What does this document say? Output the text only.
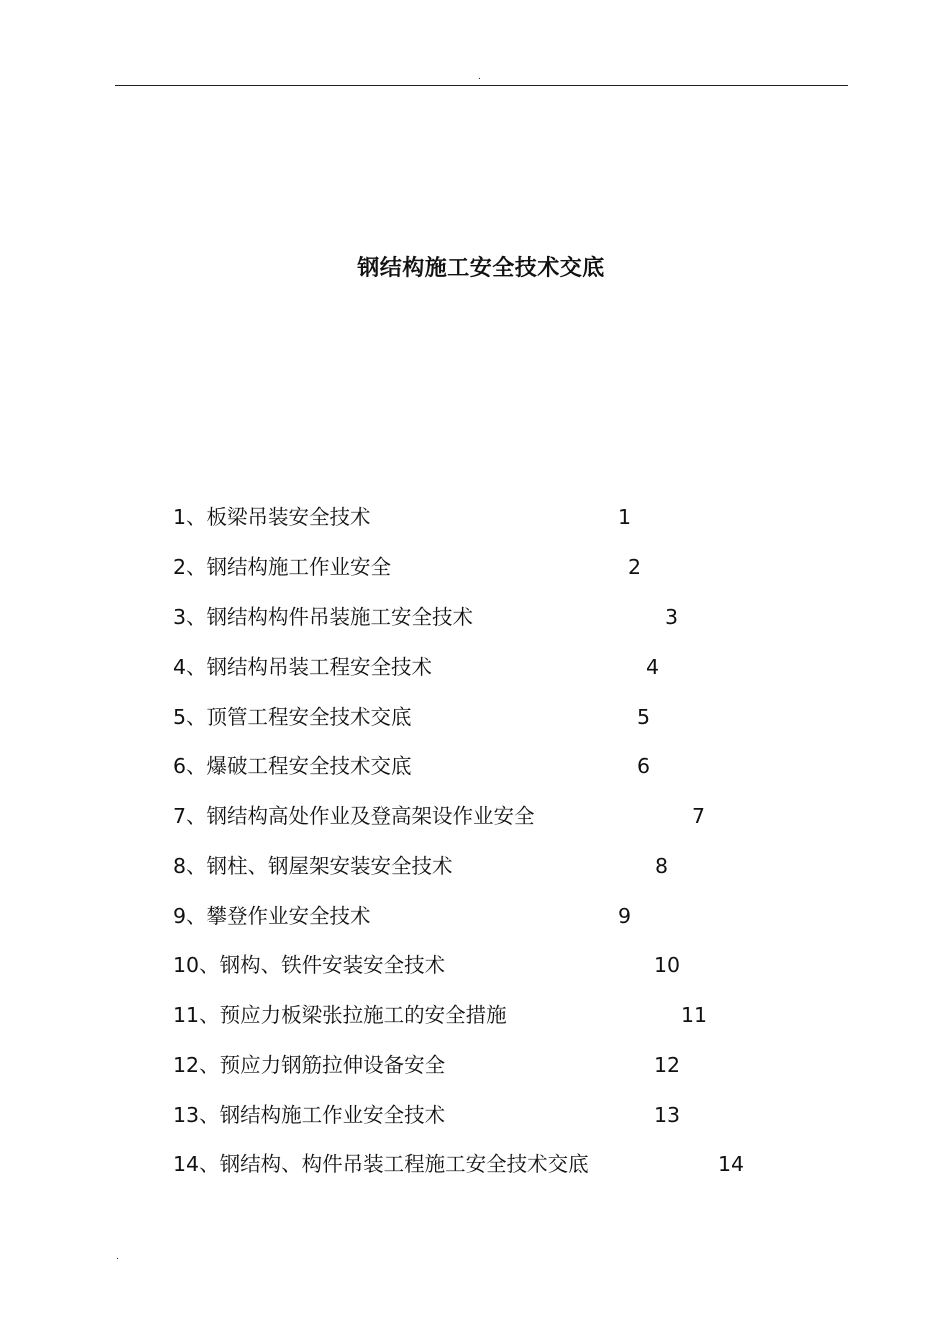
.
钢结构施工安全技术交底
1、板梁吊装安全技术	1
2、钢结构施工作业安全	2
3、钢结构构件吊装施工安全技术	3
4、钢结构吊装工程安全技术	4
5、顶管工程安全技术交底	5
6、爆破工程安全技术交底	6
7、钢结构高处作业及登高架设作业安全	7
8、钢柱、钢屋架安装安全技术	8
9、攀登作业安全技术	9
10、钢构、铁件安装安全技术	10
11、预应力板梁张拉施工的安全措施	11
12、预应力钢筋拉伸设备安全	12
13、钢结构施工作业安全技术	13
14、钢结构、构件吊装工程施工安全技术交底	14
.
